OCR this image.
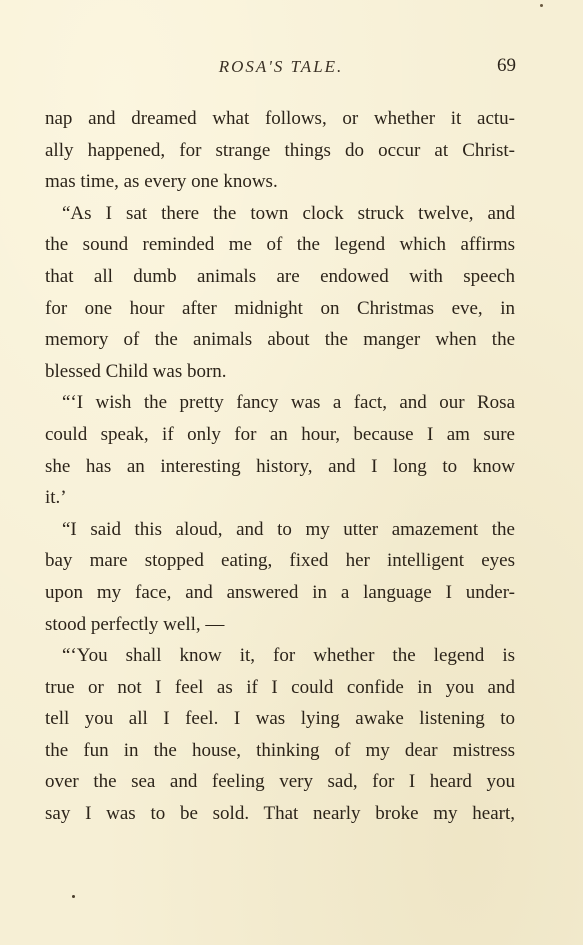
ROSA'S TALE.	69
nap and dreamed what follows, or whether it actu-
ally happened, for strange things do occur at Christ-
mas time, as every one knows.
“As I sat there the town clock struck twelve, and
the sound reminded me of the legend which affirms
that all dumb animals are endowed with speech
for one hour after midnight on Christmas eve, in
memory of the animals about the manger when the
blessed Child was born.
“‘I wish the pretty fancy was a fact, and our Rosa
could speak, if only for an hour, because I am sure
she has an interesting history, and I long to know
it.’
“I said this aloud, and to my utter amazement the
bay mare stopped eating, fixed her intelligent eyes
upon my face, and answered in a language I under-
stood perfectly well, —
“‘You shall know it, for whether the legend is
true or not I feel as if I could confide in you and
tell you all I feel. I was lying awake listening to
the fun in the house, thinking of my dear mistress
over the sea and feeling very sad, for I heard you
say I was to be sold. That nearly broke my heart,
